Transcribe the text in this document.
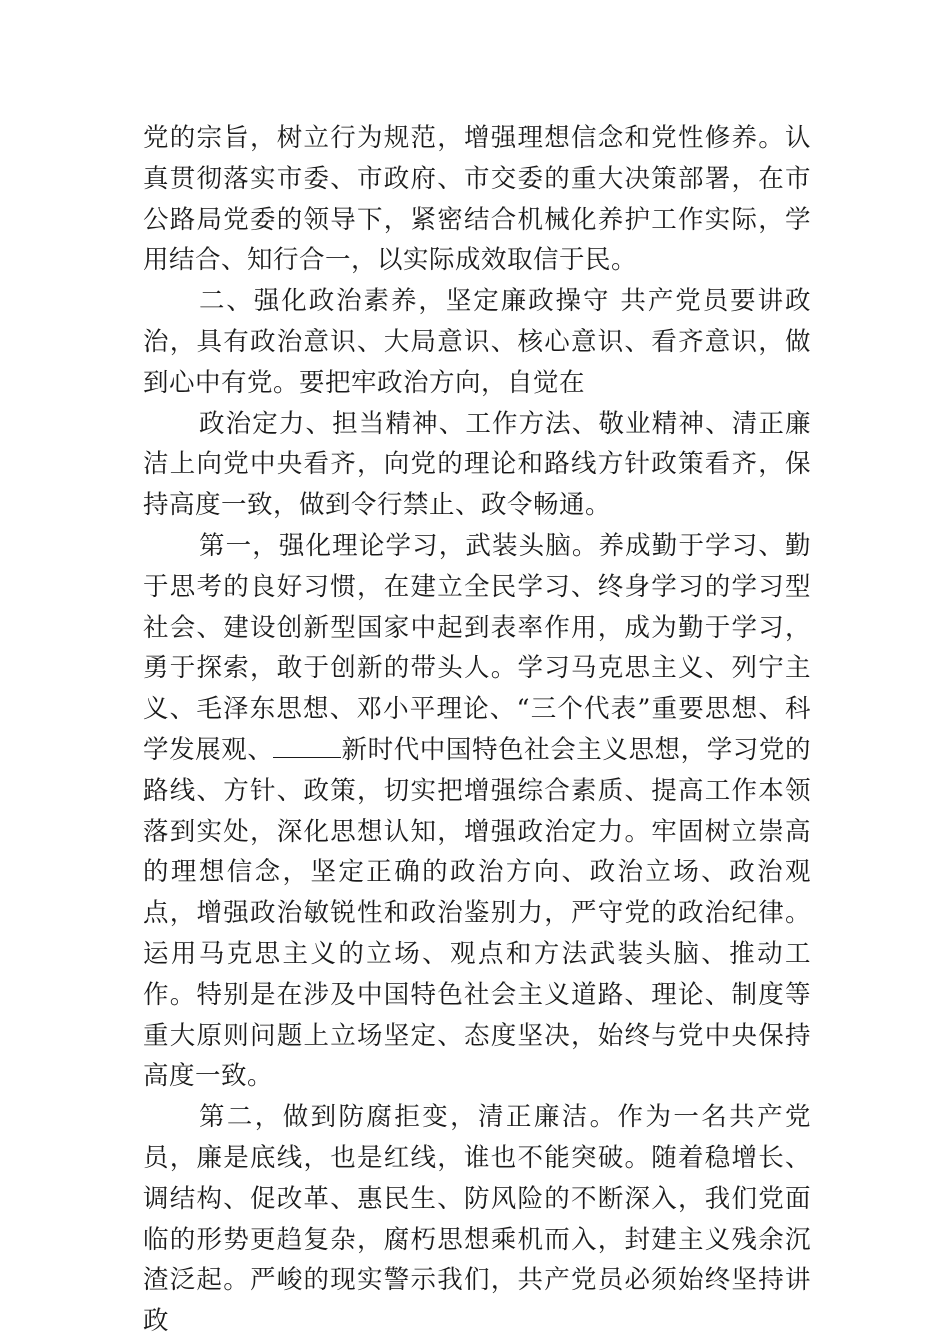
党的宗旨，树立行为规范，增强理想信念和党性修养。认真贯彻落实市委、市政府、市交委的重大决策部署，在市公路局党委的领导下，紧密结合机械化养护工作实际，学用结合、知行合一，以实际成效取信于民。

二、强化政治素养，坚定廉政操守 共产党员要讲政治，具有政治意识、大局意识、核心意识、看齐意识，做到心中有党。要把牢政治方向，自觉在

政治定力、担当精神、工作方法、敬业精神、清正廉洁上向党中央看齐，向党的理论和路线方针政策看齐，保持高度一致，做到令行禁止、政令畅通。

第一，强化理论学习，武装头脑。养成勤于学习、勤于思考的良好习惯，在建立全民学习、终身学习的学习型社会、建设创新型国家中起到表率作用，成为勤于学习，勇于探索，敢于创新的带头人。学习马克思主义、列宁主义、毛泽东思想、邓小平理论、“三个代表”重要思想、科学发展观、	新时代中国特色社会主义思想，学习党的路线、方针、政策，切实把增强综合素质、提高工作本领落到实处，深化思想认知，增强政治定力。牢固树立崇高的理想信念，坚定正确的政治方向、政治立场、政治观点，增强政治敏锐性和政治鉴别力，严守党的政治纪律。运用马克思主义的立场、观点和方法武装头脑、推动工作。特别是在涉及中国特色社会主义道路、理论、制度等重大原则问题上立场坚定、态度坚决，始终与党中央保持高度一致。

第二，做到防腐拒变，清正廉洁。作为一名共产党员，廉是底线，也是红线，谁也不能突破。随着稳增长、调结构、促改革、惠民生、防风险的不断深入，我们党面临的形势更趋复杂，腐朽思想乘机而入，封建主义残余沉渣泛起。严峻的现实警示我们，共产党员必须始终坚持讲政
